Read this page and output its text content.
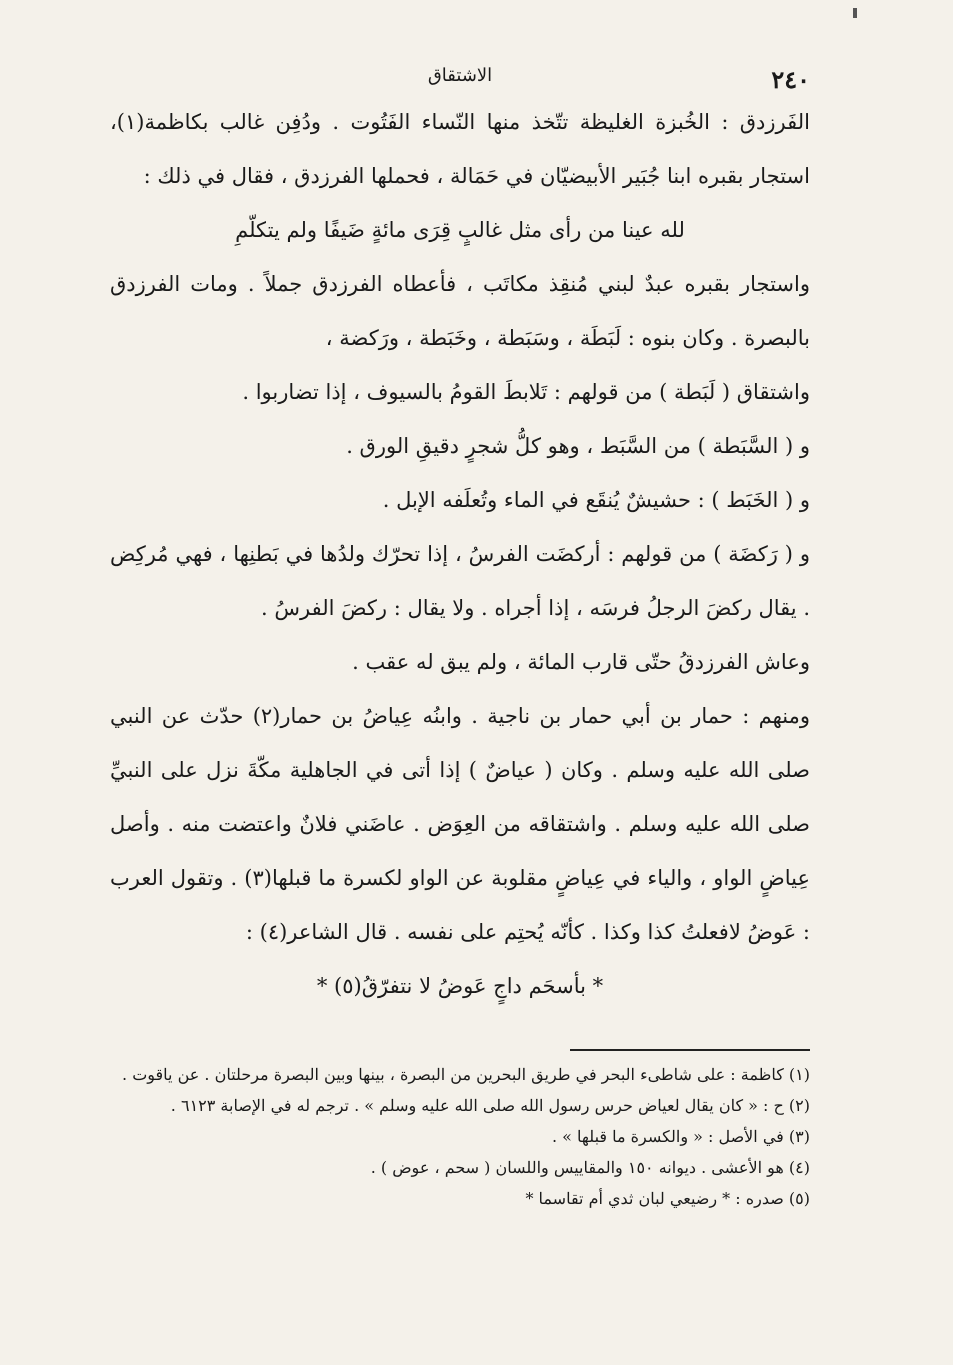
٢٤٠
الاشتقاق

الفَرزدق : الخُبزة الغليظة تتّخذ منها النّساء الفَتُوت . ودُفِن غالب بكاظمة(١)، استجار بقبره ابنا جُبَير الأبيضيّان في حَمَالة ، فحملها الفرزدق ، فقال في ذلك :

لله عينا من رأى مثل غالبٍ قِرَى مائةٍ ضَيفًا ولم يتكلّمِ

واستجار بقبره عبدٌ لبني مُنقِذ مكاتَب ، فأعطاه الفرزدق جملاً . ومات الفرزدق بالبصرة . وكان بنوه : لَبَطَة ، وسَبَطة ، وخَبَطة ، ورَكضة ،

واشتقاق ( لَبَطة ) من قولهم : تَلابطَ القومُ بالسيوف ، إذا تضاربوا .

و ( السَّبَطة ) من السَّبَط ، وهو كلُّ شجرٍ دقيقِ الورق .

و ( الخَبَط ) : حشيشٌ يُنقَع في الماء وتُعلَفه الإبل .

و ( رَكضَة ) من قولهم : أركضَت الفرسُ ، إذا تحرّك ولدُها في بَطنِها ، فهي مُركِض . يقال ركضَ الرجلُ فرسَه ، إذا أجراه . ولا يقال : ركضَ الفرسُ .

وعاش الفرزدقُ حتّى قارب المائة ، ولم يبق له عقب .

ومنهم : حمار بن أبي حمار بن ناجية . وابنُه عِياضُ بن حمار(٢) حدّث عن النبي صلى الله عليه وسلم . وكان ( عياضٌ ) إذا أتى في الجاهلية مكّةَ نزل على النبيِّ صلى الله عليه وسلم . واشتقاقه من العِوَض . عاضَني فلانٌ واعتضت منه . وأصل عِياضٍ الواو ، والياء في عِياضٍ مقلوبة عن الواو لكسرة ما قبلها(٣) . وتقول العرب : عَوضُ لافعلتُ كذا وكذا . كأنّه يُحتِم على نفسه . قال الشاعر(٤) :

* بأسحَم داجٍ عَوضُ لا نتفرّقُ(٥) *

(١) كاظمة : على شاطىء البحر في طريق البحرين من البصرة ، بينها وبين البصرة مرحلتان . عن ياقوت .

(٢) ح : « كان يقال لعياض حرس رسول الله صلى الله عليه وسلم » . ترجم له في الإصابة ٦١٢٣ .

(٣) في الأصل : « والكسرة ما قبلها » .

(٤) هو الأعشى . ديوانه ١٥٠ والمقاييس واللسان ( سحم ، عوض ) .

(٥) صدره : * رضيعي لبان ثدي أم تقاسما *
